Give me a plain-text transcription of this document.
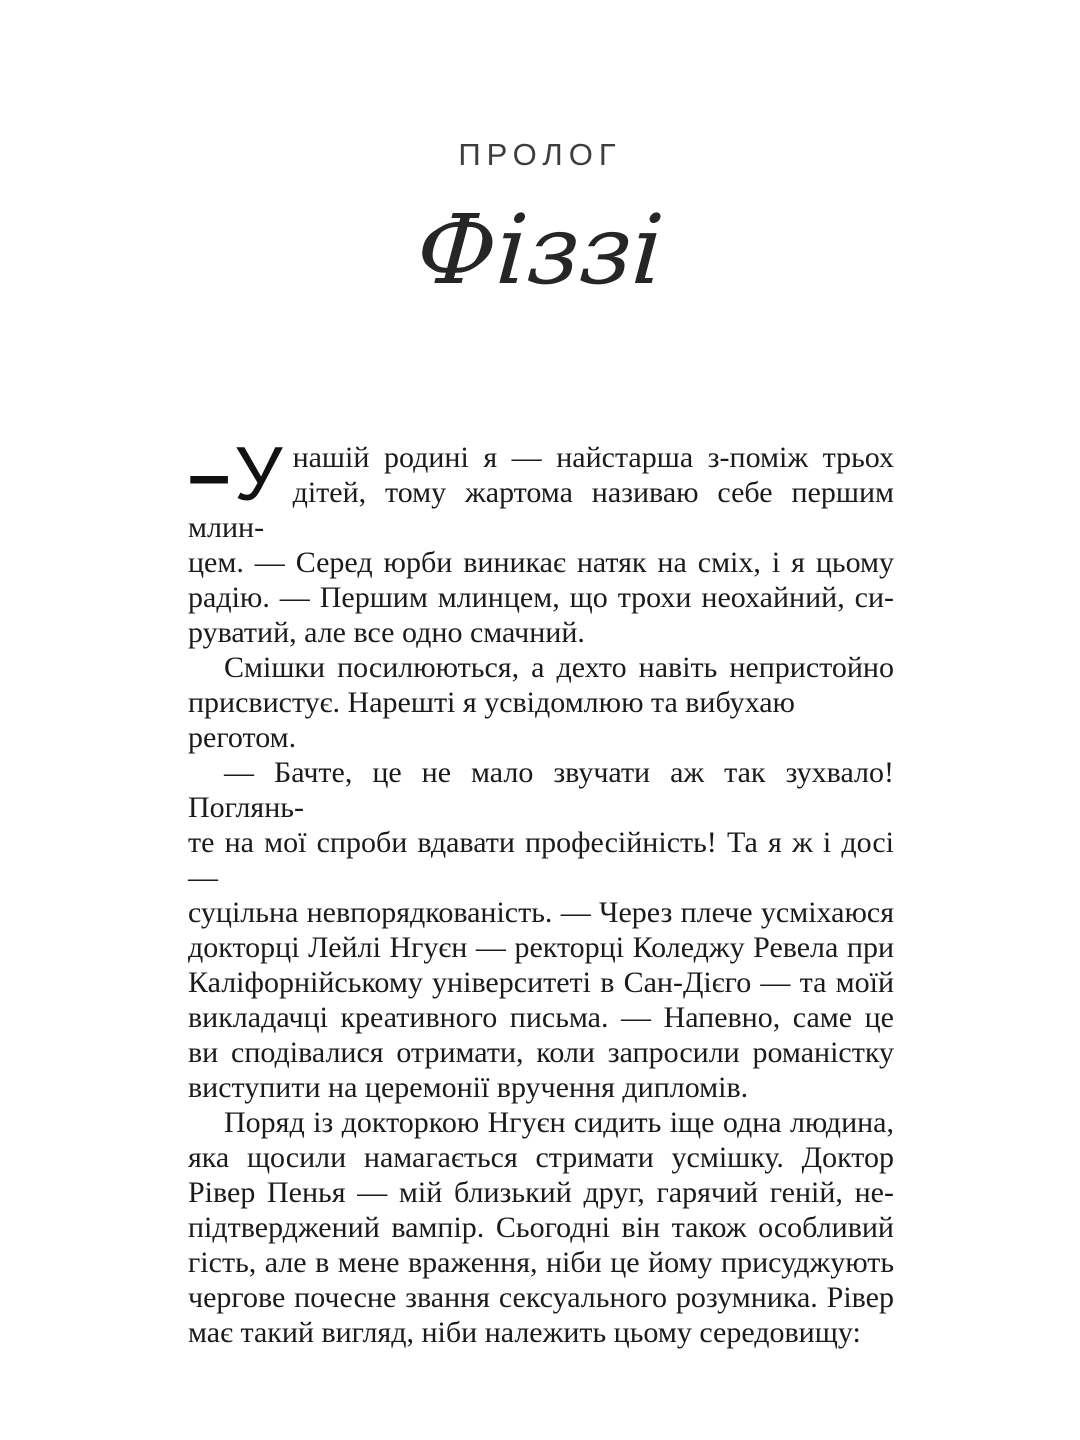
ПРОЛОГ
Фіззі
–У нашій родині я — найстарша з-поміж трьох
дітей, тому жартома називаю себе першим млин-
цем. — Серед юрби виникає натяк на сміх, і я цьому
радію. — Першим млинцем, що трохи неохайний, си-
руватий, але все одно смачний.
Смішки посилюються, а дехто навіть непристойно
присвистує. Нарешті я усвідомлюю та вибухаю реготом.
— Бачте, це не мало звучати аж так зухвало! Поглянь-
те на мої спроби вдавати професійність! Та я ж і досі —
суцільна невпорядкованість. — Через плече усміхаюся
докторці Лейлі Нгуєн — ректорці Коледжу Ревела при
Каліфорнійському університеті в Сан-Дієго — та моїй
викладачці креативного письма. — Напевно, саме це
ви сподівалися отримати, коли запросили романістку
виступити на церемонії вручення дипломів.
Поряд із докторкою Нгуєн сидить іще одна людина,
яка щосили намагається стримати усмішку. Доктор
Рівер Пенья — мій близький друг, гарячий геній, не-
підтверджений вампір. Сьогодні він також особливий
гість, але в мене враження, ніби це йому присуджують
чергове почесне звання сексуального розумника. Рівер
має такий вигляд, ніби належить цьому середовищу:
